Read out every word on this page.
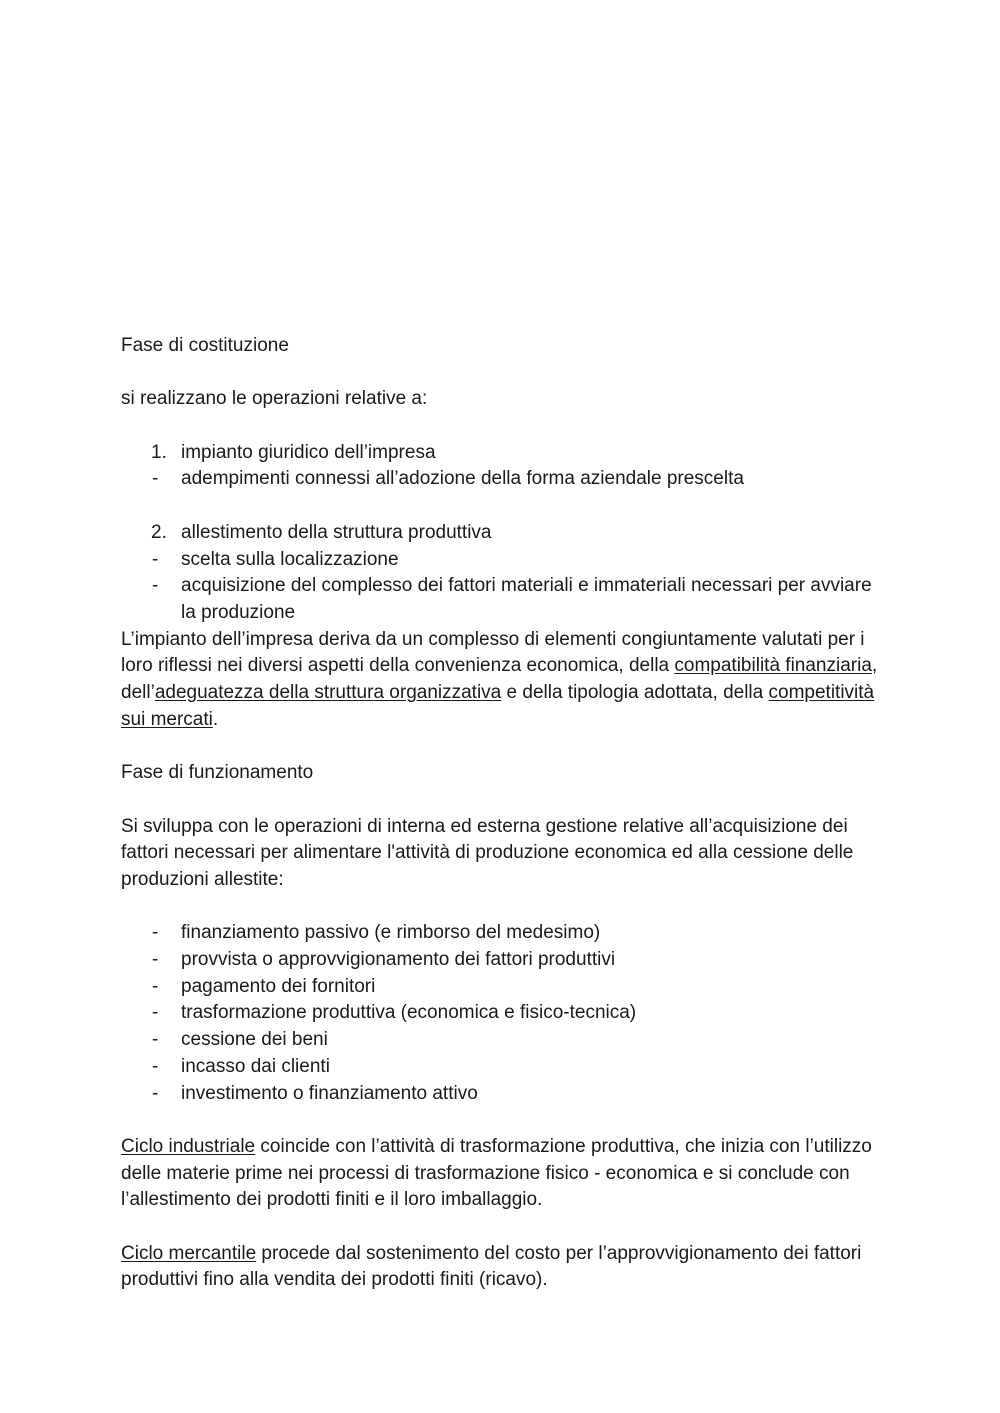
Fase di costituzione

si realizzano le operazioni relative a:

1. impianto giuridico dell’impresa
- adempimenti connessi all’adozione della forma aziendale prescelta
2. allestimento della struttura produttiva
- scelta sulla localizzazione
- acquisizione del complesso dei fattori materiali e immateriali necessari per avviare la produzione

L’impianto dell’impresa deriva da un complesso di elementi congiuntamente valutati per i loro riflessi nei diversi aspetti della convenienza economica, della compatibilità finanziaria, dell’adeguatezza della struttura organizzativa e della tipologia adottata, della competitività sui mercati.

Fase di funzionamento

Si sviluppa con le operazioni di interna ed esterna gestione relative all’acquisizione dei fattori necessari per alimentare l'attività di produzione economica ed alla cessione delle produzioni allestite:

- finanziamento passivo (e rimborso del medesimo)
- provvista o approvvigionamento dei fattori produttivi
- pagamento dei fornitori
- trasformazione produttiva (economica e fisico-tecnica)
- cessione dei beni
- incasso dai clienti
- investimento o finanziamento attivo

Ciclo industriale coincide con l’attività di trasformazione produttiva, che inizia con l’utilizzo delle materie prime nei processi di trasformazione fisico - economica e si conclude con l’allestimento dei prodotti finiti e il loro imballaggio.

Ciclo mercantile procede dal sostenimento del costo per l’approvvigionamento dei fattori produttivi fino alla vendita dei prodotti finiti (ricavo).
